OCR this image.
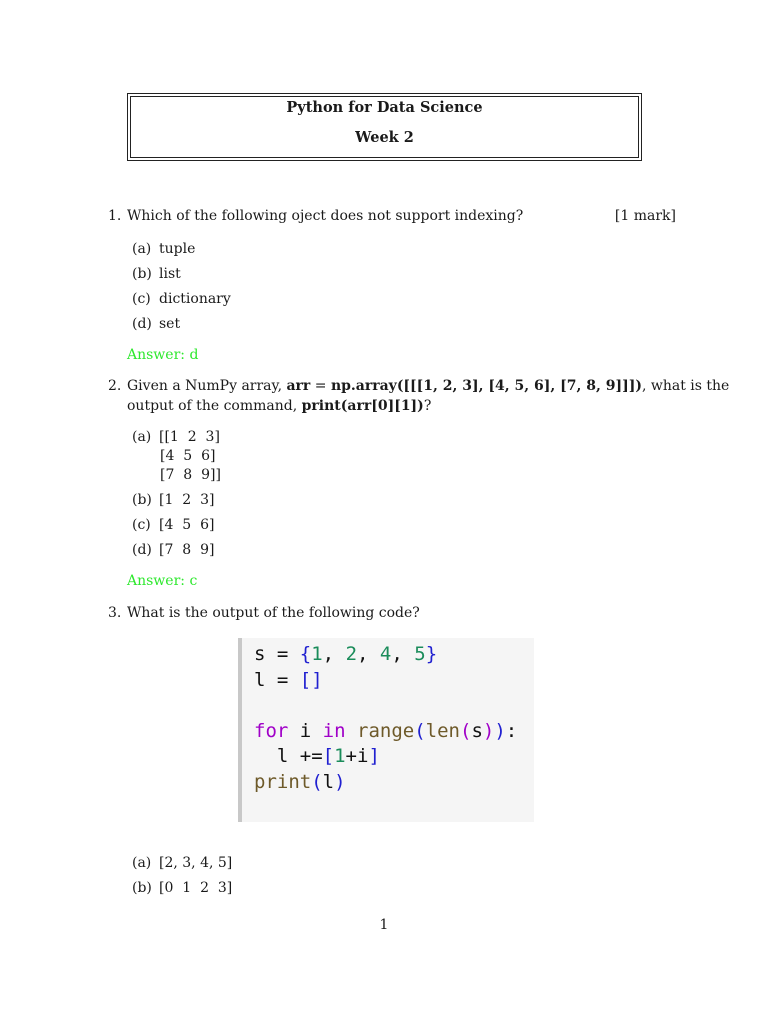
Python for Data Science
Week 2
1. Which of the following oject does not support indexing?	[1 mark]
(a) tuple
(b) list
(c) dictionary
(d) set
Answer: d
2. Given a NumPy array, arr = np.array([[[1, 2, 3], [4, 5, 6], [7, 8, 9]]]), what is the
output of the command, print(arr[0][1])?
(a) [[1  2  3]
[4  5  6]
[7  8  9]]
(b) [1  2  3]
(c) [4  5  6]
(d) [7  8  9]
Answer: c
3. What is the output of the following code?
s = {1, 2, 4, 5}
l = []
for i in range(len(s)):
l +=[1+i]
print(l)
(a) [2, 3, 4, 5]
(b) [0  1  2  3]
1
